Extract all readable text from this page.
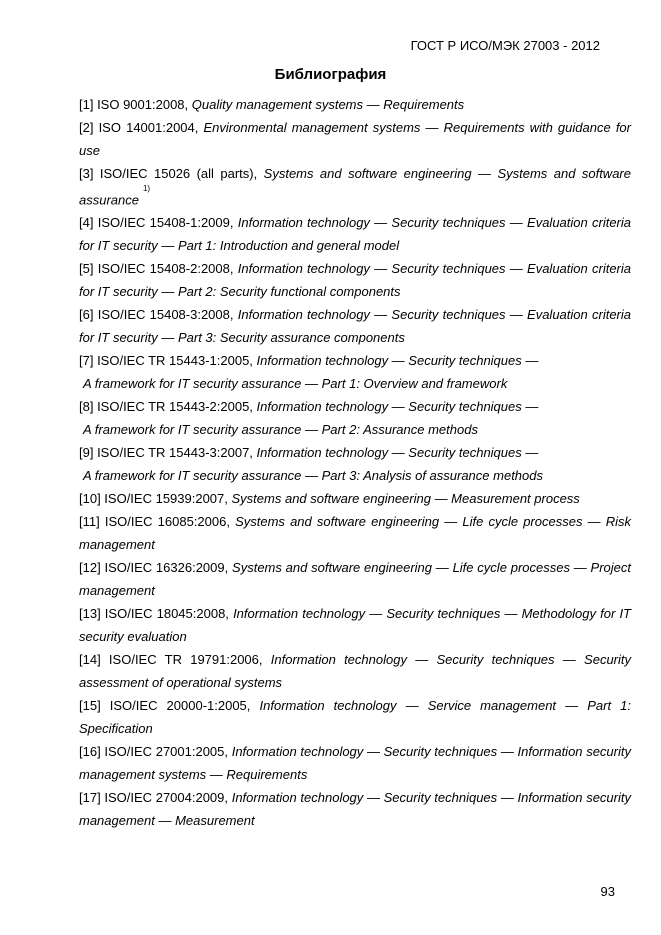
ГОСТ Р ИСО/МЭК 27003 - 2012
Библиография
[1] ISO 9001:2008, Quality management systems — Requirements
[2] ISO 14001:2004, Environmental management systems — Requirements with guidance for use
[3] ISO/IEC 15026 (all parts), Systems and software engineering — Systems and software assurance$^{1)}$
[4] ISO/IEC 15408-1:2009, Information technology — Security techniques — Evaluation criteria for IT security — Part 1: Introduction and general model
[5] ISO/IEC 15408-2:2008, Information technology — Security techniques — Evaluation criteria for IT security — Part 2: Security functional components
[6] ISO/IEC 15408-3:2008, Information technology — Security techniques — Evaluation criteria for IT security — Part 3: Security assurance components
[7] ISO/IEC TR 15443-1:2005, Information technology — Security techniques —
A framework for IT security assurance — Part 1: Overview and framework
[8] ISO/IEC TR 15443-2:2005, Information technology — Security techniques —
A framework for IT security assurance — Part 2: Assurance methods
[9] ISO/IEC TR 15443-3:2007, Information technology — Security techniques —
A framework for IT security assurance — Part 3: Analysis of assurance methods
[10] ISO/IEC 15939:2007, Systems and software engineering — Measurement process
[11] ISO/IEC 16085:2006, Systems and software engineering — Life cycle processes — Risk management
[12] ISO/IEC 16326:2009, Systems and software engineering — Life cycle processes — Project management
[13] ISO/IEC 18045:2008, Information technology — Security techniques — Methodology for IT security evaluation
[14] ISO/IEC TR 19791:2006, Information technology — Security techniques — Security assessment of operational systems
[15] ISO/IEC 20000-1:2005, Information technology — Service management — Part 1: Specification
[16] ISO/IEC 27001:2005, Information technology — Security techniques — Information security management systems — Requirements
[17] ISO/IEC 27004:2009, Information technology — Security techniques — Information security management — Measurement
93
